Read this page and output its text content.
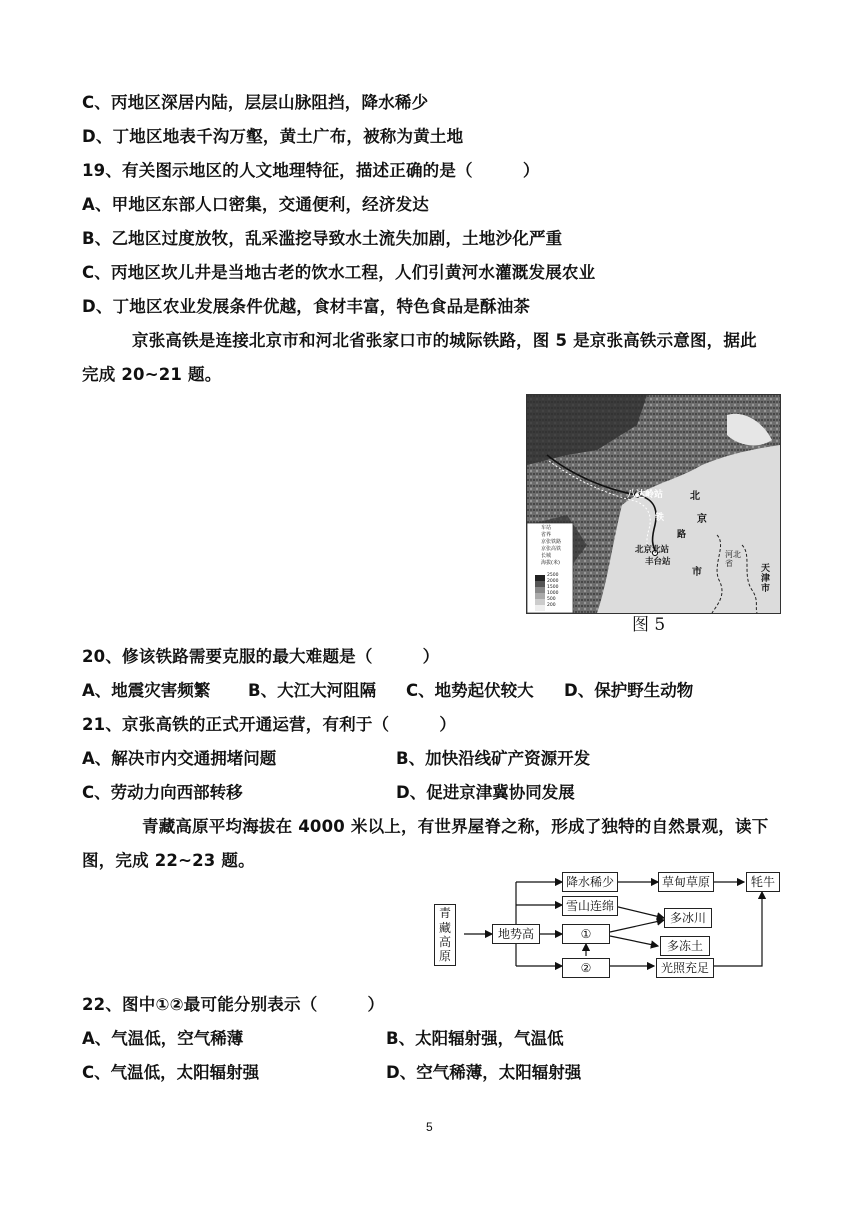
C、丙地区深居内陆，层层山脉阻挡，降水稀少
D、丁地区地表千沟万壑，黄土广布，被称为黄土地
19、有关图示地区的人文地理特征，描述正确的是（　　　）
A、甲地区东部人口密集，交通便利，经济发达
B、乙地区过度放牧，乱采滥挖导致水土流失加剧，土地沙化严重
C、丙地区坎儿井是当地古老的饮水工程，人们引黄河水灌溉发展农业
D、丁地区农业发展条件优越，食材丰富，特色食品是酥油茶
京张高铁是连接北京市和河北省张家口市的城际铁路，图 5 是京张高铁示意图，据此
完成 20~21 题。
八达岭站	北
铁	京
路
北京北站
丰台站
市
河北省
天津市
车站
省界
京张铁路
京张高铁
长城
海拔(米)
2500
2000
1500
1000
500
200
图 5
20、修该铁路需要克服的最大难题是（　　　）
A、地震灾害频繁 B、大江大河阻隔 C、地势起伏较大 D、保护野生动物
21、京张高铁的正式开通运营，有利于（　　　）
A、解决市内交通拥堵问题	B、加快沿线矿产资源开发
C、劳动力向西部转移	D、促进京津冀协同发展
青藏高原平均海拔在 4000 米以上，有世界屋脊之称，形成了独特的自然景观，读下
图，完成 22~23 题。
青藏高原
地势高
降水稀少
雪山连绵
①
②
草甸草原
多冰川
多冻土
光照充足
牦牛
22、图中①②最可能分别表示（　　　）
A、气温低，空气稀薄	B、太阳辐射强，气温低
C、气温低，太阳辐射强	D、空气稀薄，太阳辐射强
5
